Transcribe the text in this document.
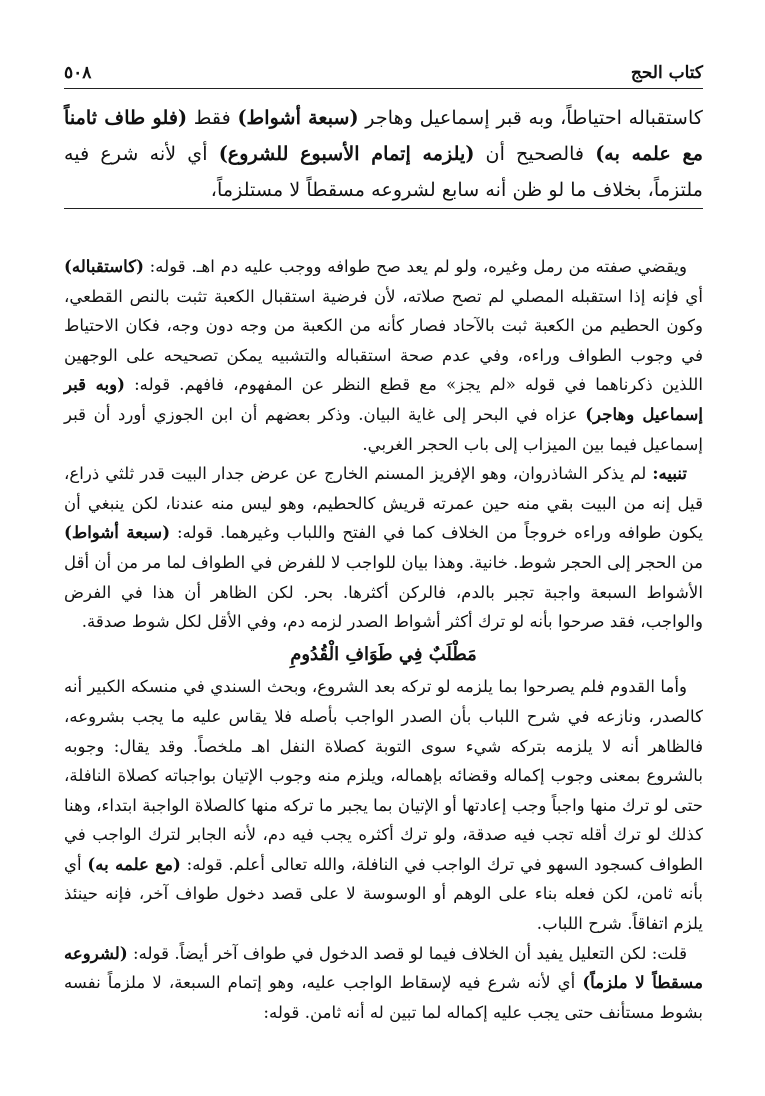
كتاب الحج
٥٠٨
كاستقباله احتياطاً، وبه قبر إسماعيل وهاجر (سبعة أشواط) فقط (فلو طاف ثامناً مع علمه به) فالصحيح أن (يلزمه إتمام الأسبوع للشروع) أي لأنه شرع فيه ملتزماً، بخلاف ما لو ظن أنه سابع لشروعه مسقطاً لا مستلزماً،

ويقضي صفته من رمل وغيره، ولو لم يعد صح طوافه ووجب عليه دم اهـ. قوله: (كاستقباله) أي فإنه إذا استقبله المصلي لم تصح صلاته، لأن فرضية استقبال الكعبة تثبت بالنص القطعي، وكون الحطيم من الكعبة ثبت بالآحاد فصار كأنه من الكعبة من وجه دون وجه، فكان الاحتياط في وجوب الطواف وراءه، وفي عدم صحة استقباله والتشبيه يمكن تصحيحه على الوجهين اللذين ذكرناهما في قوله «لم يجز» مع قطع النظر عن المفهوم، فافهم. قوله: (وبه قبر إسماعيل وهاجر) عزاه في البحر إلى غاية البيان. وذكر بعضهم أن ابن الجوزي أورد أن قبر إسماعيل فيما بين الميزاب إلى باب الحجر الغربي.

تنبيه: لم يذكر الشاذروان، وهو الإفريز المسنم الخارج عن عرض جدار البيت قدر ثلثي ذراع، قيل إنه من البيت بقي منه حين عمرته قريش كالحطيم، وهو ليس منه عندنا، لكن ينبغي أن يكون طوافه وراءه خروجاً من الخلاف كما في الفتح واللباب وغيرهما. قوله: (سبعة أشواط) من الحجر إلى الحجر شوط. خانية. وهذا بيان للواجب لا للفرض في الطواف لما مر من أن أقل الأشواط السبعة واجبة تجبر بالدم، فالركن أكثرها. بحر. لكن الظاهر أن هذا في الفرض والواجب، فقد صرحوا بأنه لو ترك أكثر أشواط الصدر لزمه دم، وفي الأقل لكل شوط صدقة.

مَطْلَبٌ فِي طَوَافِ الْقُدُومِ

وأما القدوم فلم يصرحوا بما يلزمه لو تركه بعد الشروع، وبحث السندي في منسكه الكبير أنه كالصدر، ونازعه في شرح اللباب بأن الصدر الواجب بأصله فلا يقاس عليه ما يجب بشروعه، فالظاهر أنه لا يلزمه بتركه شيء سوى التوبة كصلاة النفل اهـ ملخصاً. وقد يقال: وجوبه بالشروع بمعنى وجوب إكماله وقضائه بإهماله، ويلزم منه وجوب الإتيان بواجباته كصلاة النافلة، حتى لو ترك منها واجباً وجب إعادتها أو الإتيان بما يجبر ما تركه منها كالصلاة الواجبة ابتداء، وهنا كذلك لو ترك أقله تجب فيه صدقة، ولو ترك أكثره يجب فيه دم، لأنه الجابر لترك الواجب في الطواف كسجود السهو في ترك الواجب في النافلة، والله تعالى أعلم. قوله: (مع علمه به) أي بأنه ثامن، لكن فعله بناء على الوهم أو الوسوسة لا على قصد دخول طواف آخر، فإنه حينئذ يلزم اتفاقاً. شرح اللباب.

قلت: لكن التعليل يفيد أن الخلاف فيما لو قصد الدخول في طواف آخر أيضاً. قوله: (لشروعه مسقطاً لا ملزماً) أي لأنه شرع فيه لإسقاط الواجب عليه، وهو إتمام السبعة، لا ملزماً نفسه بشوط مستأنف حتى يجب عليه إكماله لما تبين له أنه ثامن. قوله:
